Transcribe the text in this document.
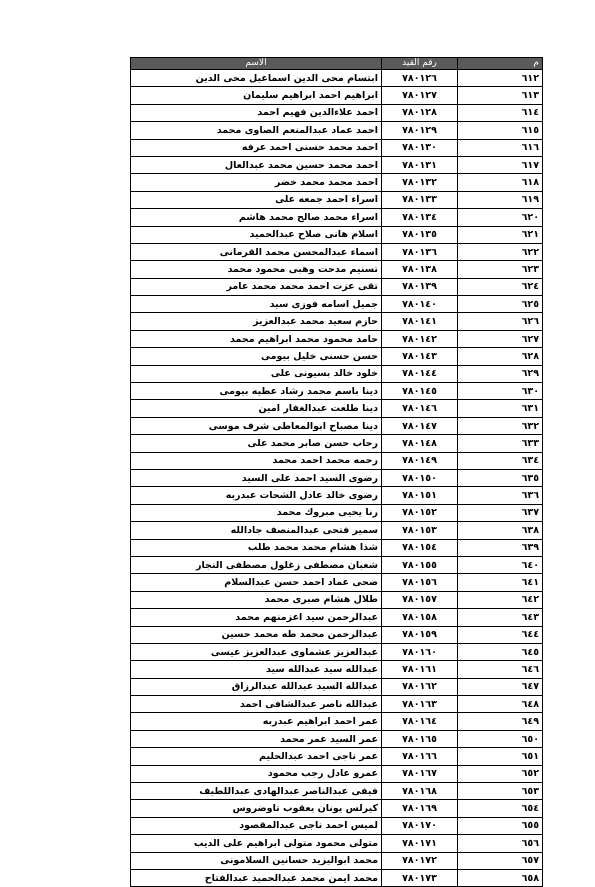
م	رقم القيد	الاسم
٦١٢	٧٨٠١٢٦	ابتسام محى الدين اسماعيل محى الدين
٦١٣	٧٨٠١٢٧	ابراهيم احمد ابراهيم سليمان
٦١٤	٧٨٠١٢٨	احمد علاءالدين فهيم احمد
٦١٥	٧٨٠١٢٩	احمد عماد عبدالمنعم الصاوى محمد
٦١٦	٧٨٠١٣٠	احمد محمد حسنى احمد عرفه
٦١٧	٧٨٠١٣١	احمد محمد حسين محمد عبدالعال
٦١٨	٧٨٠١٣٢	احمد محمد محمد خضر
٦١٩	٧٨٠١٣٣	اسراء احمد جمعه على
٦٢٠	٧٨٠١٣٤	اسراء محمد صالح محمد هاشم
٦٢١	٧٨٠١٣٥	اسلام هانى صلاح عبدالحميد
٦٢٢	٧٨٠١٣٦	اسماء عبدالمحسن محمد القرمانى
٦٢٣	٧٨٠١٣٨	تسنيم مدحت وهبى محمود محمد
٦٢٤	٧٨٠١٣٩	تقى عزت احمد محمد محمد عامر
٦٢٥	٧٨٠١٤٠	جميل اسامه فوزى سيد
٦٢٦	٧٨٠١٤١	حازم سعيد محمد عبدالعزيز
٦٢٧	٧٨٠١٤٢	حامد محمود محمد ابراهيم محمد
٦٢٨	٧٨٠١٤٣	حسن حسنى خليل بيومى
٦٢٩	٧٨٠١٤٤	خلود خالد بسيونى على
٦٣٠	٧٨٠١٤٥	دينا باسم محمد رشاد عطيه بيومى
٦٣١	٧٨٠١٤٦	دينا طلعت عبدالغفار امين
٦٣٢	٧٨٠١٤٧	دينا مصباح ابوالمعاطى شرف موسى
٦٣٣	٧٨٠١٤٨	رحاب حسن صابر محمد على
٦٣٤	٧٨٠١٤٩	رحمه محمد احمد محمد
٦٣٥	٧٨٠١٥٠	رضوى السيد احمد على السيد
٦٣٦	٧٨٠١٥١	رضوى خالد عادل الشحات عبدربه
٦٣٧	٧٨٠١٥٢	رنا يحيى مبروك محمد
٦٣٨	٧٨٠١٥٣	سمير فتحى عبدالمنصف جادالله
٦٣٩	٧٨٠١٥٤	شذا هشام محمد محمد طلب
٦٤٠	٧٨٠١٥٥	شعبان مصطفى زغلول مصطفى النجار
٦٤١	٧٨٠١٥٦	ضحى عماد احمد حسن عبدالسلام
٦٤٢	٧٨٠١٥٧	طلال هشام صبرى محمد
٦٤٣	٧٨٠١٥٨	عبدالرحمن سيد اعزمنهم محمد
٦٤٤	٧٨٠١٥٩	عبدالرحمن محمد طه محمد حسين
٦٤٥	٧٨٠١٦٠	عبدالعزيز عشماوى عبدالعزيز عيسى
٦٤٦	٧٨٠١٦١	عبدالله سيد عبدالله سيد
٦٤٧	٧٨٠١٦٢	عبدالله السيد عبدالله عبدالرزاق
٦٤٨	٧٨٠١٦٣	عبدالله ناصر عبدالشافى احمد
٦٤٩	٧٨٠١٦٤	عمر احمد ابراهيم عبدربه
٦٥٠	٧٨٠١٦٥	عمر السيد عمر محمد
٦٥١	٧٨٠١٦٦	عمر ناجى احمد عبدالحليم
٦٥٢	٧٨٠١٦٧	عمرو عادل رجب محمود
٦٥٣	٧٨٠١٦٨	فيفى عبدالناصر عبدالهادى عبداللطيف
٦٥٤	٧٨٠١٦٩	كيرلس يونان يعقوب تاوضروس
٦٥٥	٧٨٠١٧٠	لميس احمد ناجى عبدالمقصود
٦٥٦	٧٨٠١٧١	متولى محمود متولى ابراهيم على الديب
٦٥٧	٧٨٠١٧٢	محمد ابواليزيد حسانين السلامونى
٦٥٨	٧٨٠١٧٣	محمد ايمن محمد عبدالحميد عبدالفتاح
